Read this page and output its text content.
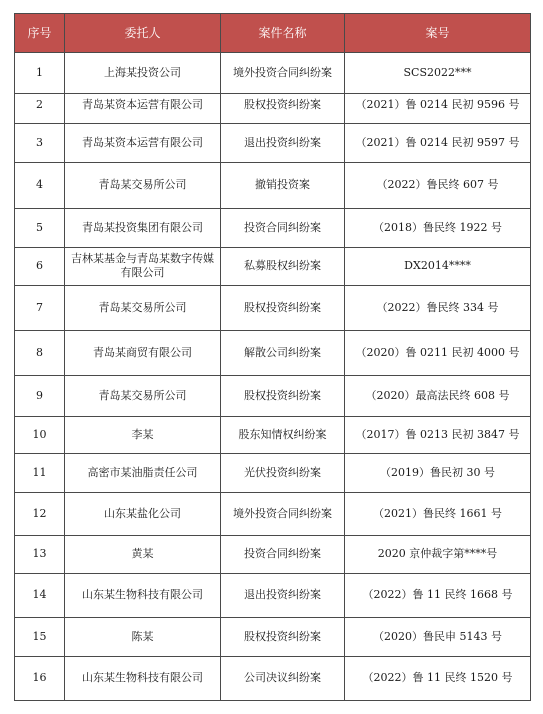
序号	委托人	案件名称	案号
1	上海某投资公司	境外投资合同纠纷案	SCS2022***
2	青岛某资本运营有限公司	股权投资纠纷案	（2021）鲁 0214 民初 9596 号
3	青岛某资本运营有限公司	退出投资纠纷案	（2021）鲁 0214 民初 9597 号
4	青岛某交易所公司	撤销投资案	（2022）鲁民终 607 号
5	青岛某投资集团有限公司	投资合同纠纷案	（2018）鲁民终 1922 号
6	吉林某基金与青岛某数字传媒有限公司	私募股权纠纷案	DX2014****
7	青岛某交易所公司	股权投资纠纷案	（2022）鲁民终 334 号
8	青岛某商贸有限公司	解散公司纠纷案	（2020）鲁 0211 民初 4000 号
9	青岛某交易所公司	股权投资纠纷案	（2020）最高法民终 608 号
10	李某	股东知情权纠纷案	（2017）鲁 0213 民初 3847 号
11	高密市某油脂责任公司	光伏投资纠纷案	（2019）鲁民初 30 号
12	山东某盐化公司	境外投资合同纠纷案	（2021）鲁民终 1661 号
13	黄某	投资合同纠纷案	2020 京仲裁字第****号
14	山东某生物科技有限公司	退出投资纠纷案	（2022）鲁 11 民终 1668 号
15	陈某	股权投资纠纷案	（2020）鲁民申 5143 号
16	山东某生物科技有限公司	公司决议纠纷案	（2022）鲁 11 民终 1520 号
